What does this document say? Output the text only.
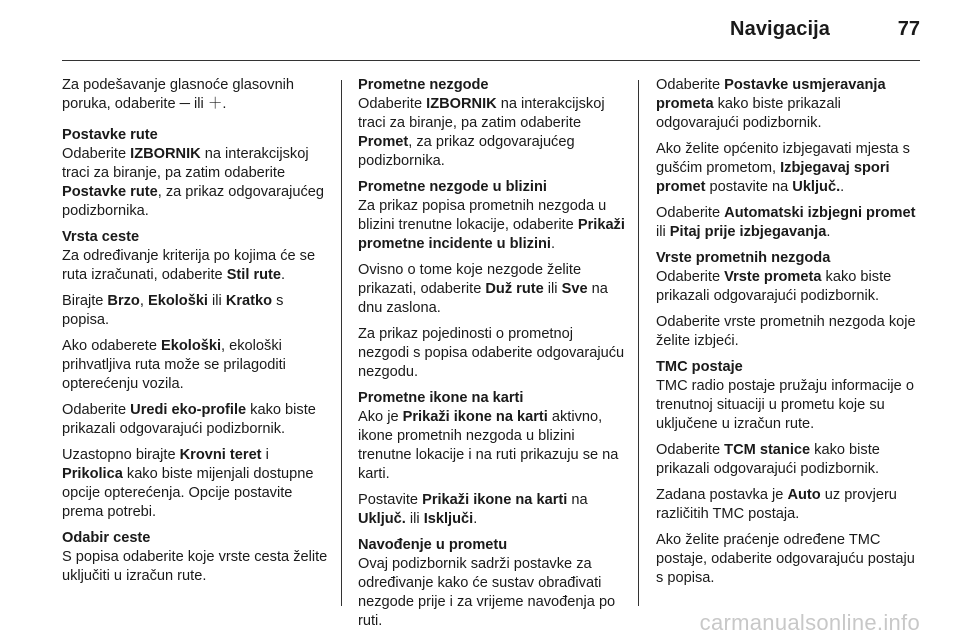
Navigacija	77

Za podešavanje glasnoće glasovnih poruka, odaberite ─ ili ＋.

Postavke rute
Odaberite IZBORNIK na interakcijskoj traci za biranje, pa zatim odaberite Postavke rute, za prikaz odgovarajućeg podizbornika.
Vrsta ceste

Za određivanje kriterija po kojima će se ruta izračunati, odaberite Stil rute.

Birajte Brzo, Ekološki ili Kratko s popisa.

Ako odaberete Ekološki, ekološki prihvatljiva ruta može se prilagoditi opterećenju vozila.

Odaberite Uredi eko-profile kako biste prikazali odgovarajući podizbornik.

Uzastopno birajte Krovni teret i Prikolica kako biste mijenjali dostupne opcije opterećenja. Opcije postavite prema potrebi.

Odabir ceste
S popisa odaberite koje vrste cesta želite uključiti u izračun rute.
Prometne nezgode
Odaberite IZBORNIK na interakcijskoj traci za biranje, pa zatim odaberite Promet, za prikaz odgovarajućeg podizbornika.
Prometne nezgode u blizini

Za prikaz popisa prometnih nezgoda u blizini trenutne lokacije, odaberite Prikaži prometne incidente u blizini.

Ovisno o tome koje nezgode želite prikazati, odaberite Duž rute ili Sve na dnu zaslona.

Za prikaz pojedinosti o prometnoj nezgodi s popisa odaberite odgovarajuću nezgodu.

Prometne ikone na karti

Ako je Prikaži ikone na karti aktivno, ikone prometnih nezgoda u blizini trenutne lokacije i na ruti prikazuju se na karti.

Postavite Prikaži ikone na karti na Uključ. ili Isključi.

Navođenje u prometu
Ovaj podizbornik sadrži postavke za određivanje kako će sustav obrađivati nezgode prije i za vrijeme navođenja po ruti.

Odaberite Postavke usmjeravanja prometa kako biste prikazali odgovarajući podizbornik.

Ako želite općenito izbjegavati mjesta s gušćim prometom, Izbjegavaj spori promet postavite na Uključ..

Odaberite Automatski izbjegni promet ili Pitaj prije izbjegavanja.

Vrste prometnih nezgoda

Odaberite Vrste prometa kako biste prikazali odgovarajući podizbornik.

Odaberite vrste prometnih nezgoda koje želite izbjeći.

TMC postaje

TMC radio postaje pružaju informacije o trenutnoj situaciji u prometu koje su uključene u izračun rute.

Odaberite TCM stanice kako biste prikazali odgovarajući podizbornik.

Zadana postavka je Auto uz provjeru različitih TMC postaja.

Ako želite praćenje određene TMC postaje, odaberite odgovarajuću postaju s popisa.

carmanualsonline.info
